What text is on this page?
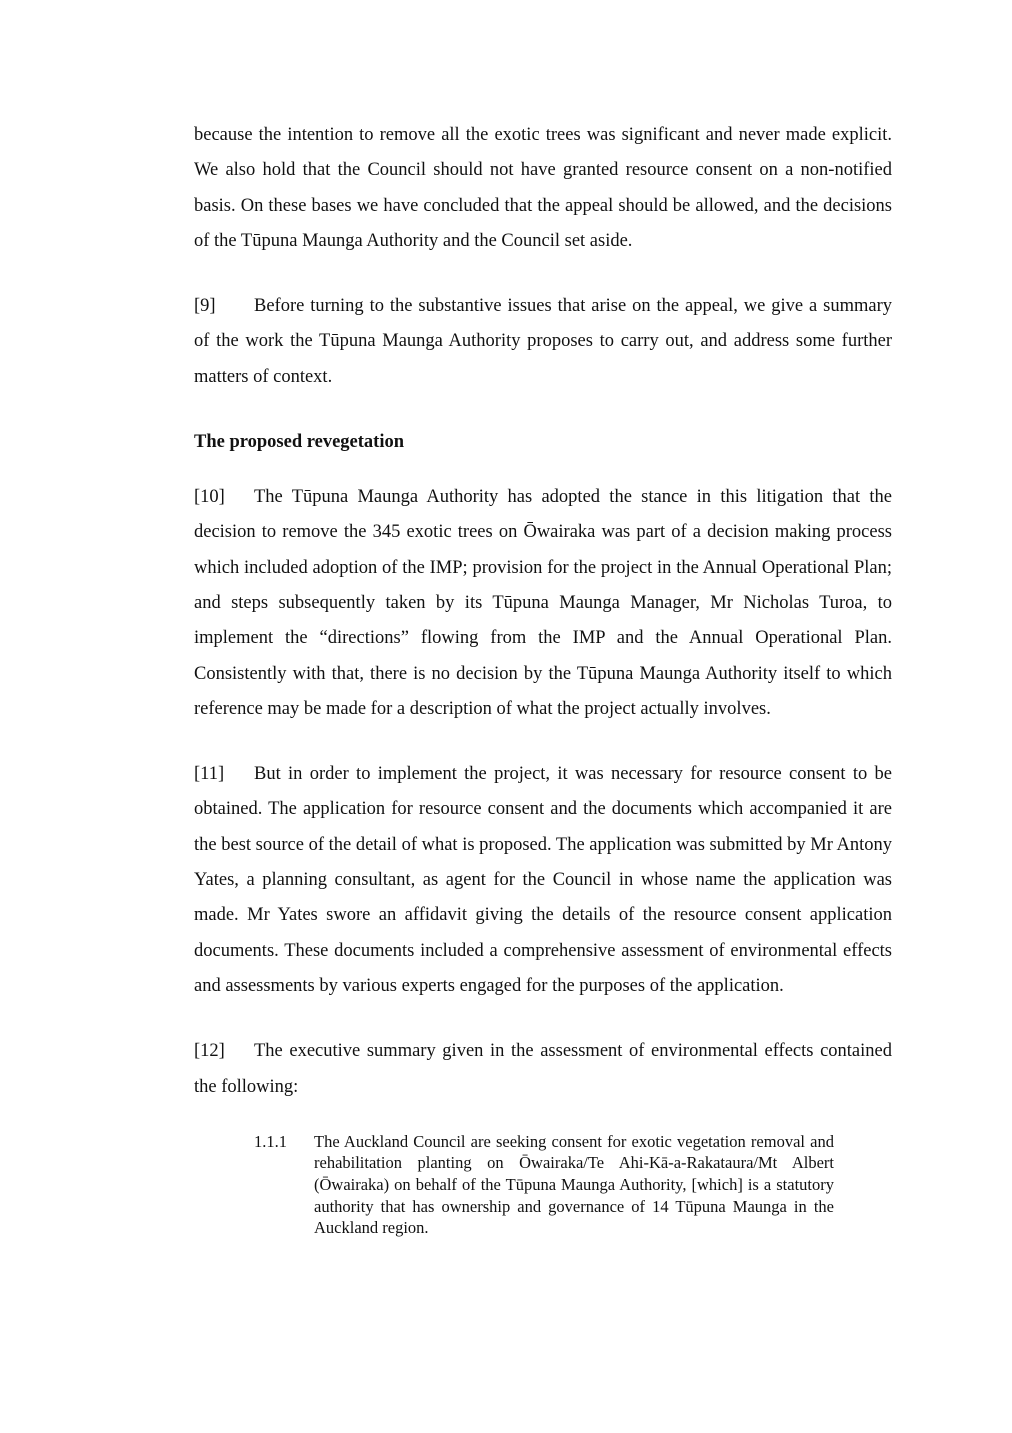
because the intention to remove all the exotic trees was significant and never made explicit. We also hold that the Council should not have granted resource consent on a non-notified basis. On these bases we have concluded that the appeal should be allowed, and the decisions of the Tūpuna Maunga Authority and the Council set aside.

[9] Before turning to the substantive issues that arise on the appeal, we give a summary of the work the Tūpuna Maunga Authority proposes to carry out, and address some further matters of context.

The proposed revegetation

[10] The Tūpuna Maunga Authority has adopted the stance in this litigation that the decision to remove the 345 exotic trees on Ōwairaka was part of a decision making process which included adoption of the IMP; provision for the project in the Annual Operational Plan; and steps subsequently taken by its Tūpuna Maunga Manager, Mr Nicholas Turoa, to implement the “directions” flowing from the IMP and the Annual Operational Plan. Consistently with that, there is no decision by the Tūpuna Maunga Authority itself to which reference may be made for a description of what the project actually involves.

[11] But in order to implement the project, it was necessary for resource consent to be obtained. The application for resource consent and the documents which accompanied it are the best source of the detail of what is proposed. The application was submitted by Mr Antony Yates, a planning consultant, as agent for the Council in whose name the application was made. Mr Yates swore an affidavit giving the details of the resource consent application documents. These documents included a comprehensive assessment of environmental effects and assessments by various experts engaged for the purposes of the application.

[12] The executive summary given in the assessment of environmental effects contained the following:

1.1.1	The Auckland Council are seeking consent for exotic vegetation removal and rehabilitation planting on Ōwairaka/Te Ahi-Kā-a-Rakataura/Mt Albert (Ōwairaka) on behalf of the Tūpuna Maunga Authority, [which] is a statutory authority that has ownership and governance of 14 Tūpuna Maunga in the Auckland region.
